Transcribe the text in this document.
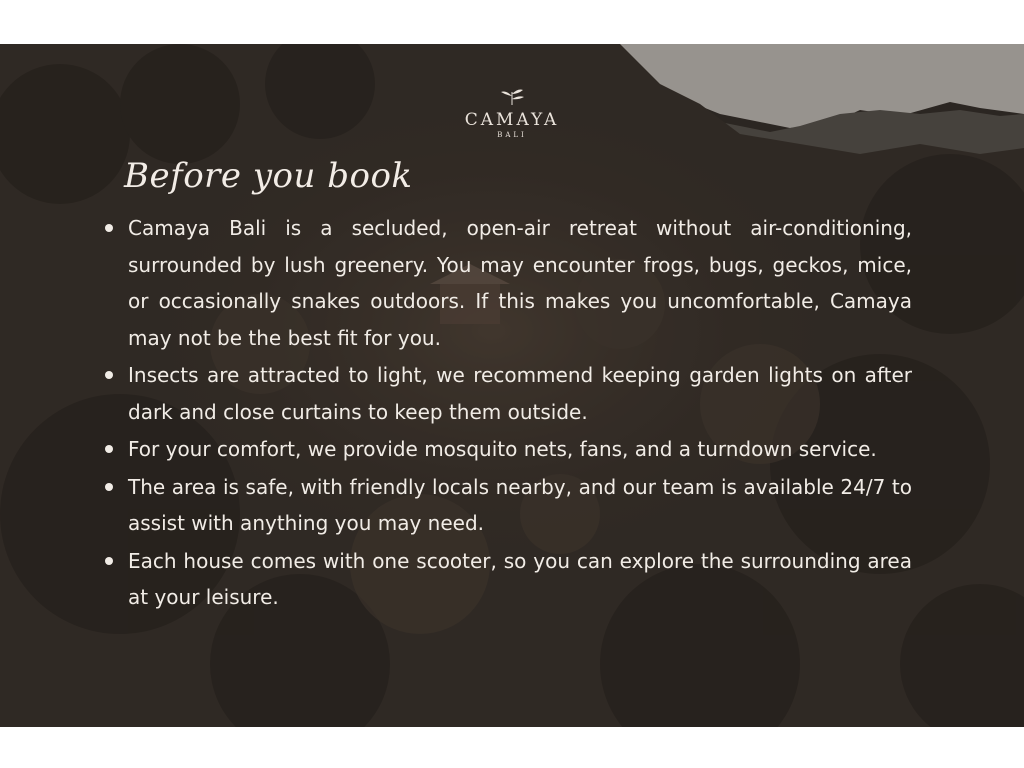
CAMAYA
BALI
Before you book
Camaya Bali is a secluded, open-air retreat without air-conditioning, surrounded by lush greenery. You may encounter frogs, bugs, geckos, mice, or occasionally snakes outdoors. If this makes you uncomfortable, Camaya may not be the best fit for you.
Insects are attracted to light, we recommend keeping garden lights on after dark and close curtains to keep them outside.
For your comfort, we provide mosquito nets, fans, and a turndown service.
The area is safe, with friendly locals nearby, and our team is available 24/7 to assist with anything you may need.
Each house comes with one scooter, so you can explore the surrounding area at your leisure.
